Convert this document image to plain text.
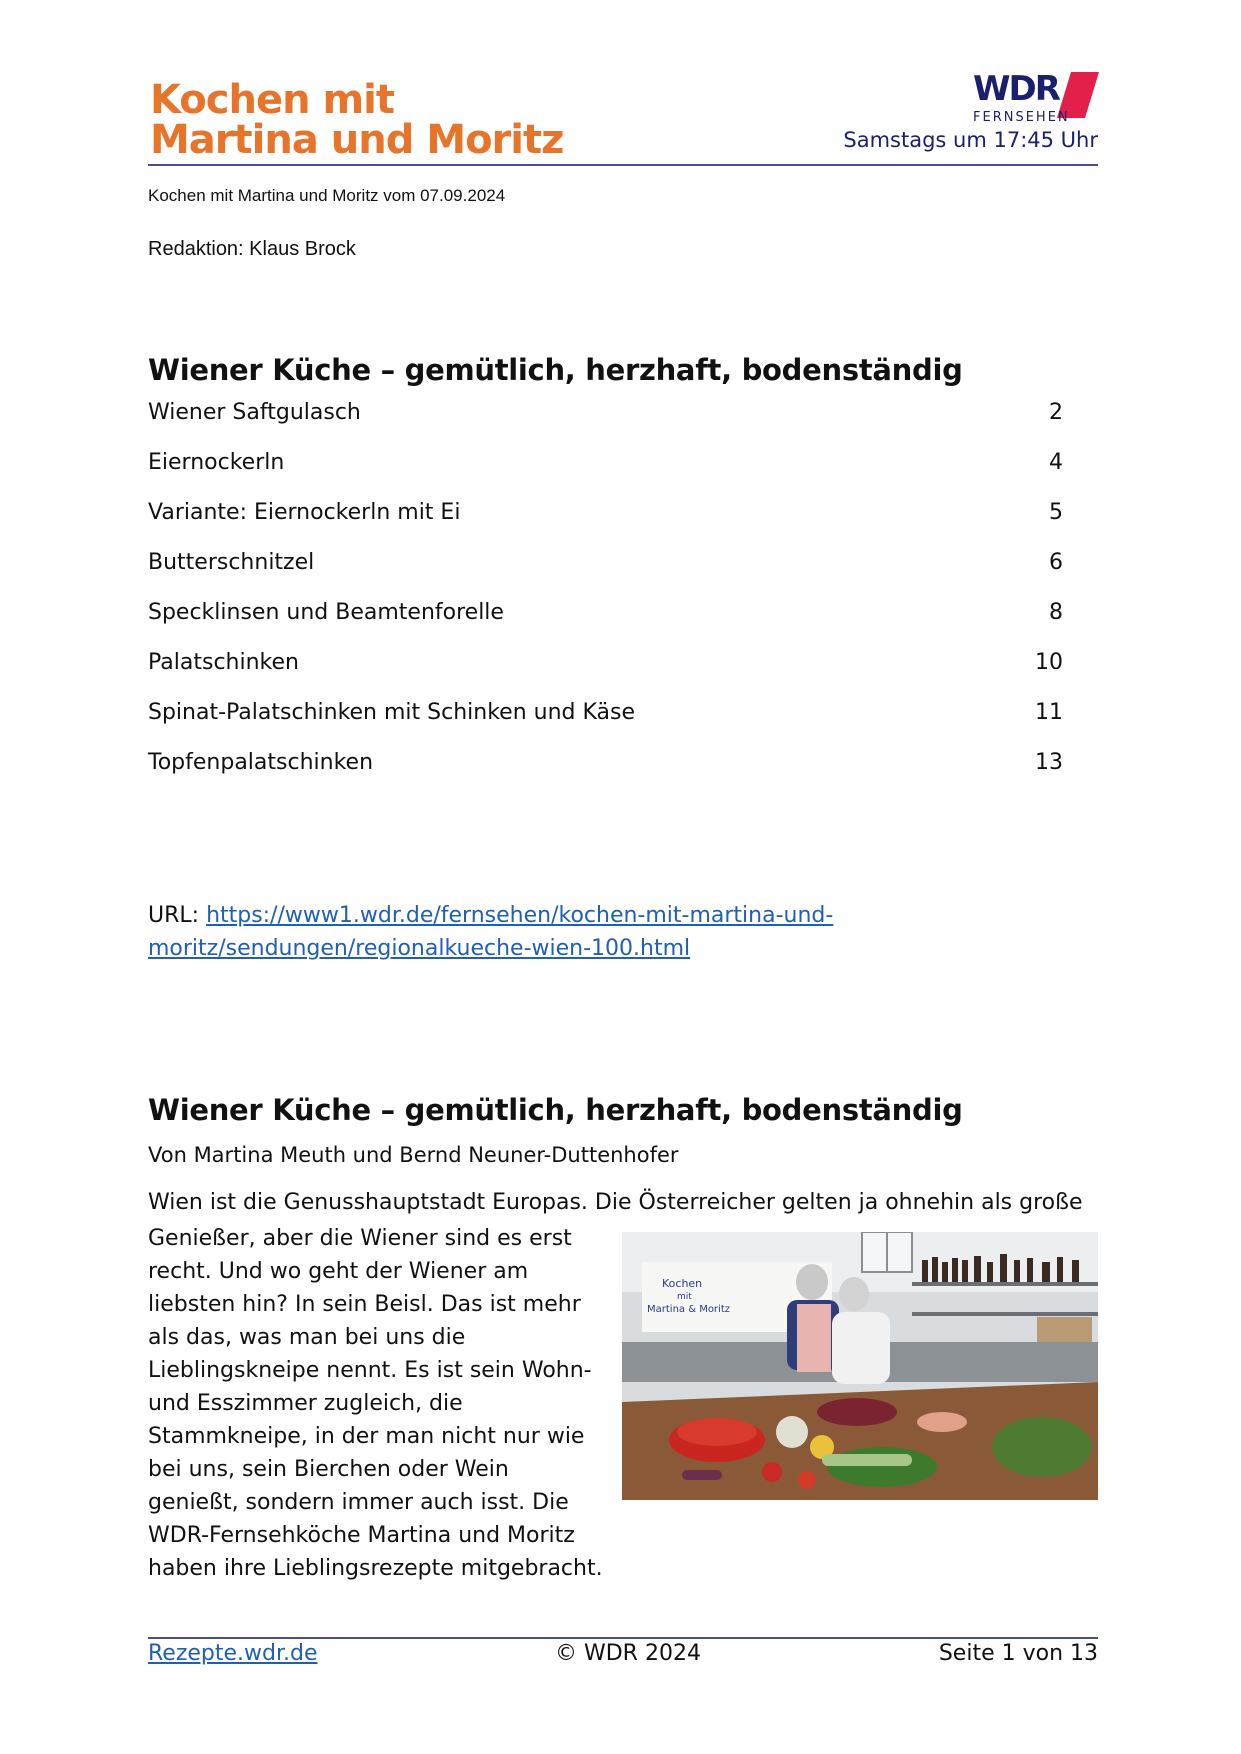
Kochen mit
Martina und Moritz
WDR
FERNSEHEN
Samstags um 17:45 Uhr
Kochen mit Martina und Moritz vom 07.09.2024
Redaktion: Klaus Brock
Wiener Küche – gemütlich, herzhaft, bodenständig
Wiener Saftgulasch	2
Eiernockerln	4
Variante: Eiernockerln mit Ei	5
Butterschnitzel	6
Specklinsen und Beamtenforelle	8
Palatschinken	10
Spinat-Palatschinken mit Schinken und Käse	11
Topfenpalatschinken	13
URL: https://www1.wdr.de/fernsehen/kochen-mit-martina-und-
moritz/sendungen/regionalkueche-wien-100.html
Wiener Küche – gemütlich, herzhaft, bodenständig
Von Martina Meuth und Bernd Neuner-Duttenhofer
Wien ist die Genusshauptstadt Europas. Die Österreicher gelten ja ohnehin als große
Genießer, aber die Wiener sind es erst recht. Und wo geht der Wiener am liebsten hin? In sein Beisl. Das ist mehr als das, was man bei uns die Lieblingskneipe nennt. Es ist sein Wohn- und Esszimmer zugleich, die Stammkneipe, in der man nicht nur wie bei uns, sein Bierchen oder Wein genießt, sondern immer auch isst. Die WDR-Fernsehköche Martina und Moritz haben ihre Lieblingsrezepte mitgebracht.
Kochen
mit
Martina & Moritz
Rezepte.wdr.de	© WDR 2024	Seite 1 von 13
